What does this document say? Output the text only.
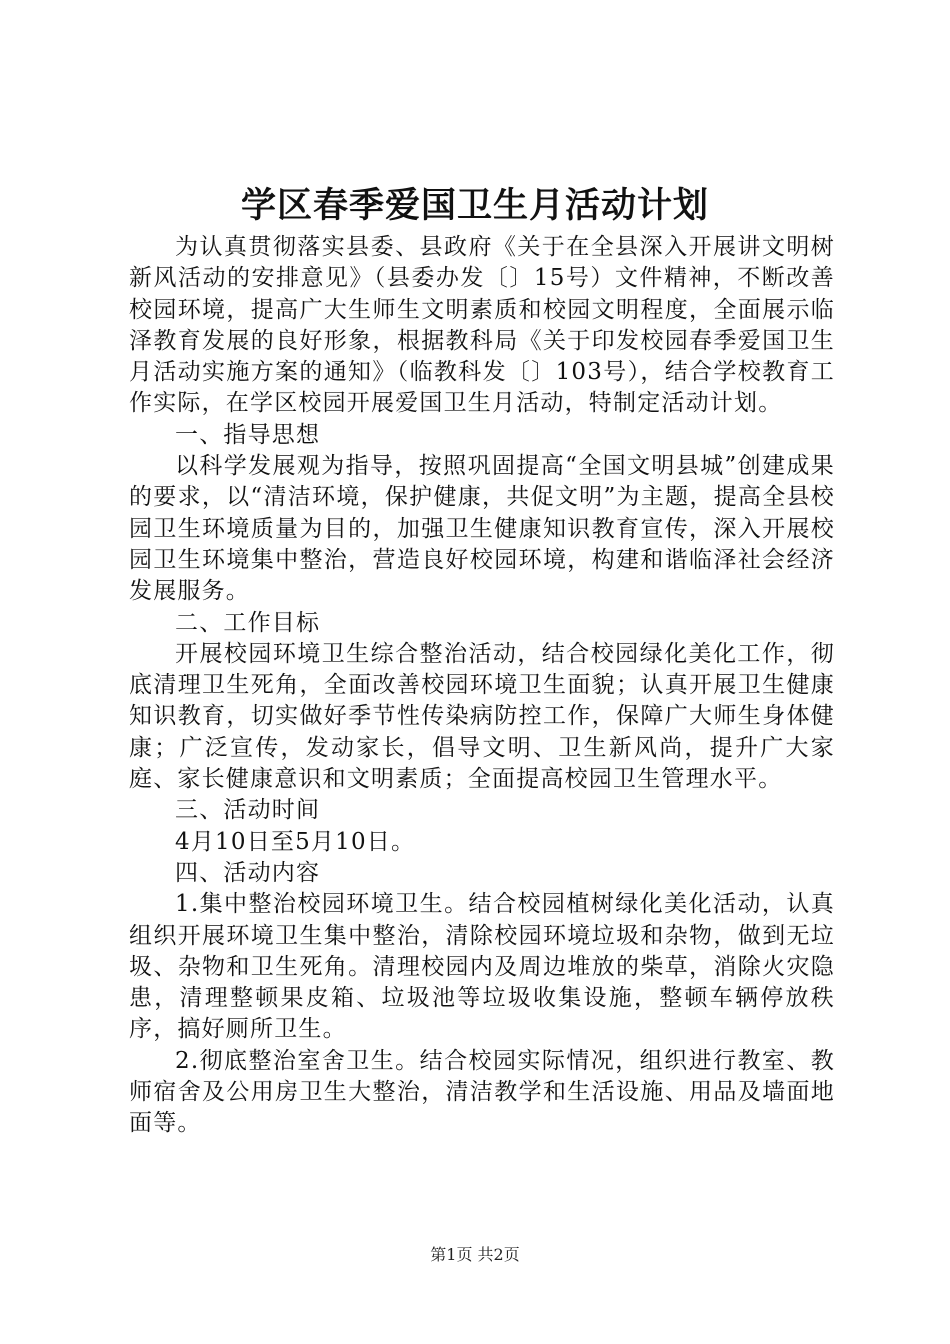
学区春季爱国卫生月活动计划

为认真贯彻落实县委、县政府《关于在全县深入开展讲文明树新风活动的安排意见》（县委办发〔〕15号）文件精神，不断改善校园环境，提高广大生师生文明素质和校园文明程度，全面展示临泽教育发展的良好形象，根据教科局《关于印发校园春季爱国卫生月活动实施方案的通知》（临教科发〔〕103号），结合学校教育工作实际，在学区校园开展爱国卫生月活动，特制定活动计划。

一、指导思想

以科学发展观为指导，按照巩固提高“全国文明县城”创建成果的要求，以“清洁环境，保护健康，共促文明”为主题，提高全县校园卫生环境质量为目的，加强卫生健康知识教育宣传，深入开展校园卫生环境集中整治，营造良好校园环境，构建和谐临泽社会经济发展服务。

二、工作目标

开展校园环境卫生综合整治活动，结合校园绿化美化工作，彻底清理卫生死角，全面改善校园环境卫生面貌；认真开展卫生健康知识教育，切实做好季节性传染病防控工作，保障广大师生身体健康；广泛宣传，发动家长，倡导文明、卫生新风尚，提升广大家庭、家长健康意识和文明素质；全面提高校园卫生管理水平。

三、活动时间

4月10日至5月10日。

四、活动内容

1.集中整治校园环境卫生。结合校园植树绿化美化活动，认真组织开展环境卫生集中整治，清除校园环境垃圾和杂物，做到无垃圾、杂物和卫生死角。清理校园内及周边堆放的柴草，消除火灾隐患，清理整顿果皮箱、垃圾池等垃圾收集设施，整顿车辆停放秩序，搞好厕所卫生。

2.彻底整治室舍卫生。结合校园实际情况，组织进行教室、教师宿舍及公用房卫生大整治，清洁教学和生活设施、用品及墙面地面等。

第1页 共2页
